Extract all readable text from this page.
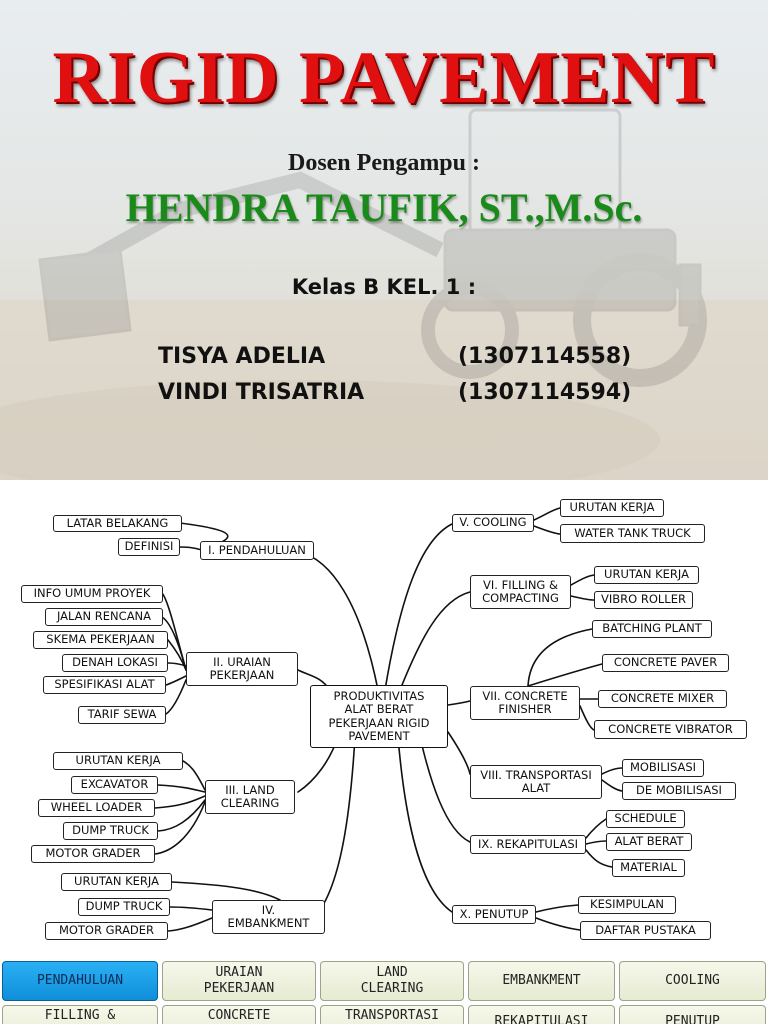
RIGID PAVEMENT
Dosen Pengampu :
HENDRA TAUFIK, ST.,M.Sc.
Kelas B KEL. 1 :
TISYA ADELIA	(1307114558)
VINDI TRISATRIA	(1307114594)
PRODUKTIVITAS
ALAT BERAT
PEKERJAAN RIGID
PAVEMENT
I. PENDAHULUAN
LATAR BELAKANG
DEFINISI
II. URAIAN
PEKERJAAN
INFO UMUM PROYEK
JALAN RENCANA
SKEMA PEKERJAAN
DENAH LOKASI
SPESIFIKASI ALAT
TARIF SEWA
III. LAND
CLEARING
URUTAN KERJA
EXCAVATOR
WHEEL LOADER
DUMP TRUCK
MOTOR GRADER
IV.
EMBANKMENT
URUTAN KERJA
DUMP TRUCK
MOTOR GRADER
V. COOLING
URUTAN KERJA
WATER TANK TRUCK
VI. FILLING &
COMPACTING
URUTAN KERJA
VIBRO ROLLER
VII. CONCRETE
FINISHER
BATCHING PLANT
CONCRETE PAVER
CONCRETE MIXER
CONCRETE VIBRATOR
VIII. TRANSPORTASI
ALAT
MOBILISASI
DE MOBILISASI
IX. REKAPITULASI
SCHEDULE
ALAT BERAT
MATERIAL
X. PENUTUP
KESIMPULAN
DAFTAR PUSTAKA
PENDAHULUAN
URAIAN
PEKERJAAN
LAND
CLEARING
EMBANKMENT	COOLING
FILLING &	CONCRETE	TRANSPORTASI	REKAPITULASI	PENUTUP
